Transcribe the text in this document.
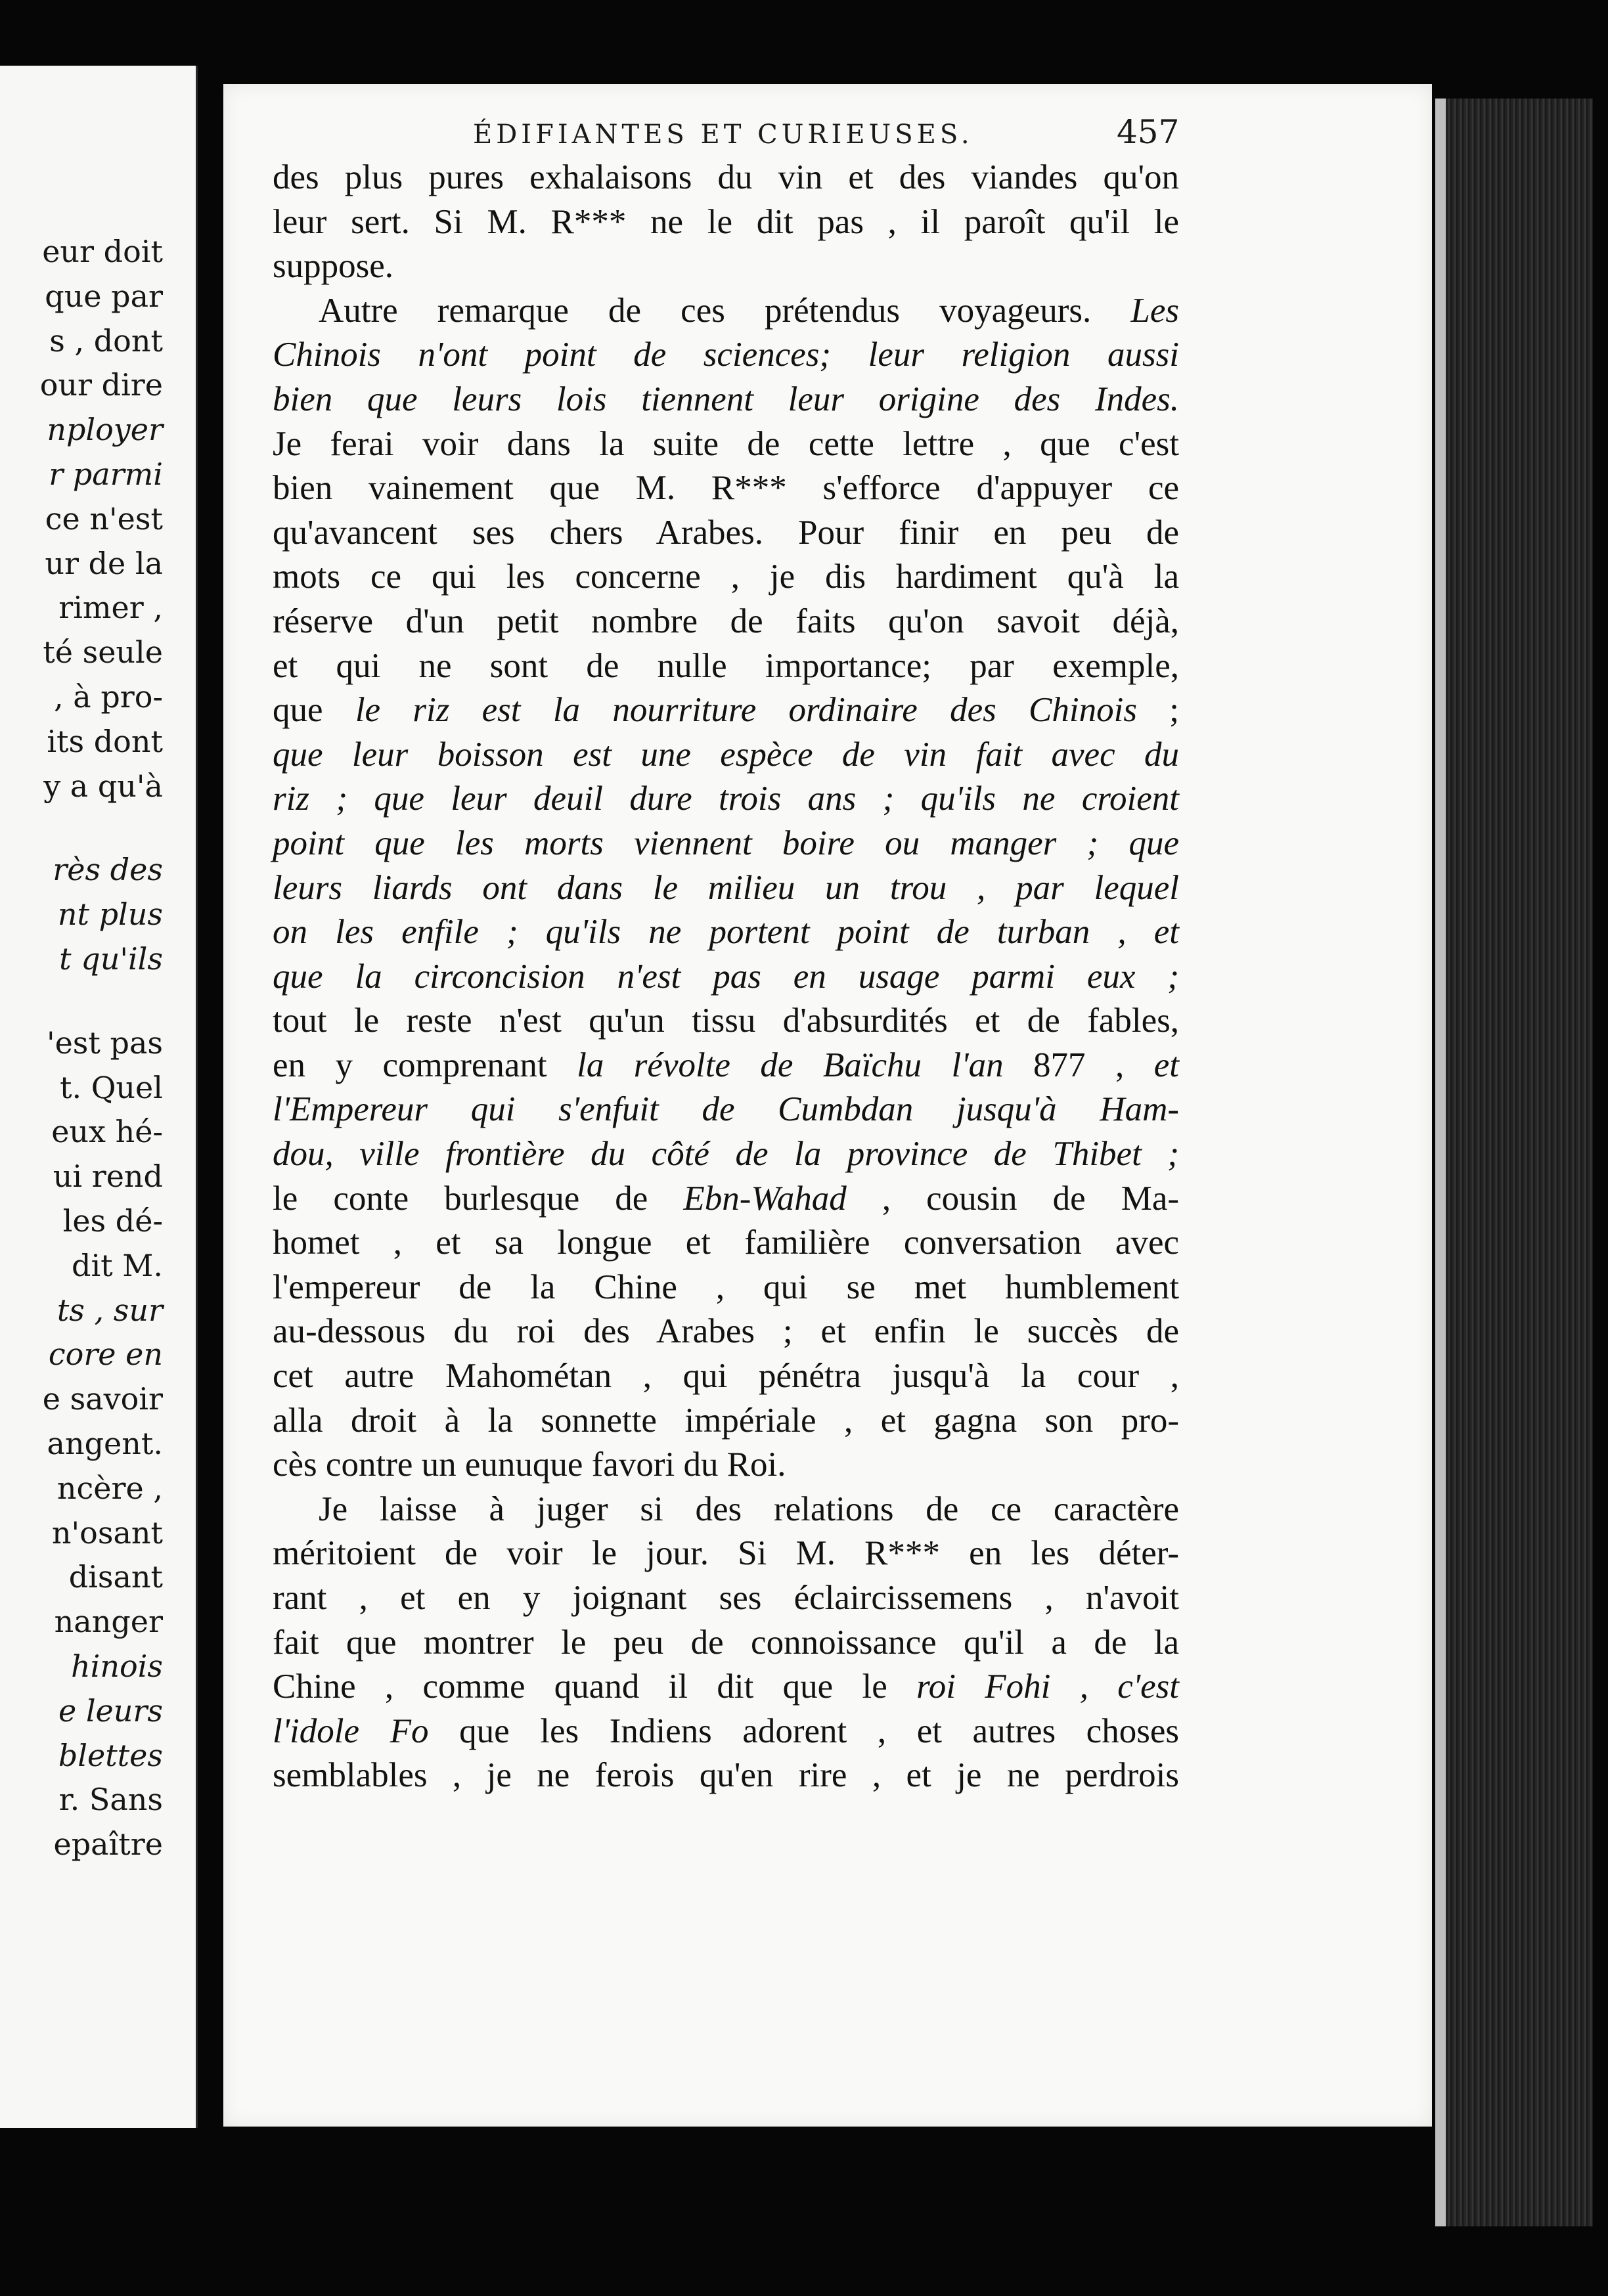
eur doit
que par
s , dont
our dire
nployer
r parmi
ce n'est
ur de la
rimer ,
té seule
, à pro-
its dont
y a qu'à
rès des
nt plus
t qu'ils
'est pas
t. Quel
eux hé-
ui rend
les dé-
dit M.
ts , sur
core en
e savoir
angent.
ncère ,
n'osant
disant
nanger
hinois
e leurs
blettes
r. Sans
epaître
ÉDIFIANTES ET CURIEUSES.	457
des plus pures exhalaisons du vin et des viandes qu'on
leur sert. Si M. R*** ne le dit pas , il paroît qu'il le
suppose.
Autre remarque de ces prétendus voyageurs. Les
Chinois n'ont point de sciences; leur religion aussi
bien que leurs lois tiennent leur origine des Indes.
Je ferai voir dans la suite de cette lettre , que c'est
bien vainement que M. R*** s'efforce d'appuyer ce
qu'avancent ses chers Arabes. Pour finir en peu de
mots ce qui les concerne , je dis hardiment qu'à la
réserve d'un petit nombre de faits qu'on savoit déjà,
et qui ne sont de nulle importance; par exemple,
que le riz est la nourriture ordinaire des Chinois ;
que leur boisson est une espèce de vin fait avec du
riz ; que leur deuil dure trois ans ; qu'ils ne croient
point que les morts viennent boire ou manger ; que
leurs liards ont dans le milieu un trou , par lequel
on les enfile ; qu'ils ne portent point de turban , et
que la circoncision n'est pas en usage parmi eux ;
tout le reste n'est qu'un tissu d'absurdités et de fables,
en y comprenant la révolte de Baïchu l'an 877 , et
l'Empereur qui s'enfuit de Cumbdan jusqu'à Ham-
dou, ville frontière du côté de la province de Thibet ;
le conte burlesque de Ebn-Wahad , cousin de Ma-
homet , et sa longue et familière conversation avec
l'empereur de la Chine , qui se met humblement
au-dessous du roi des Arabes ; et enfin le succès de
cet autre Mahométan , qui pénétra jusqu'à la cour ,
alla droit à la sonnette impériale , et gagna son pro-
cès contre un eunuque favori du Roi.
Je laisse à juger si des relations de ce caractère
méritoient de voir le jour. Si M. R*** en les déter-
rant , et en y joignant ses éclaircissemens , n'avoit
fait que montrer le peu de connoissance qu'il a de la
Chine , comme quand il dit que le roi Fohi , c'est
l'idole Fo que les Indiens adorent , et autres choses
semblables , je ne ferois qu'en rire , et je ne perdrois
